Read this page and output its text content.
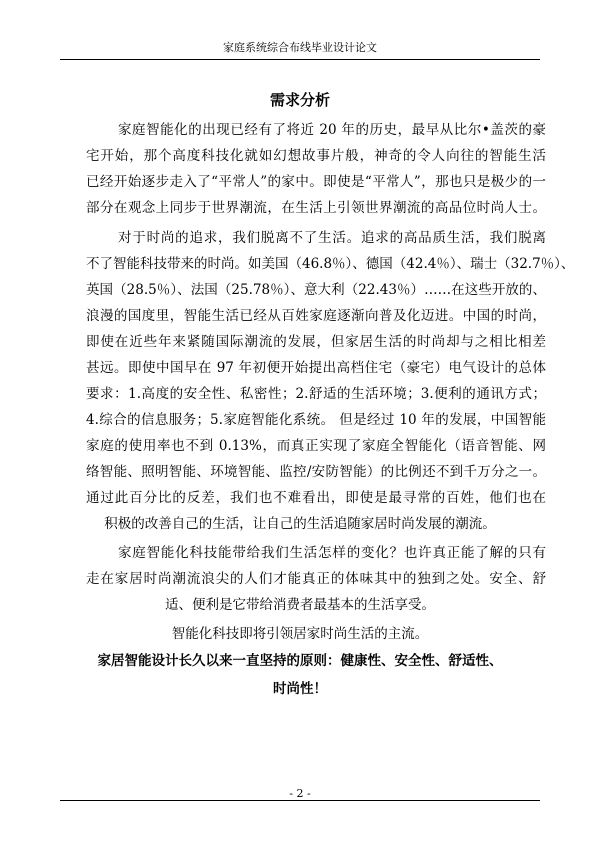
家庭系统综合布线毕业设计论文
需求分析
家庭智能化的出现已经有了将近 20 年的历史，最早从比尔•盖茨的豪
宅开始，那个高度科技化就如幻想故事片般，神奇的令人向往的智能生活
已经开始逐步走入了“平常人”的家中。即使是“平常人”，那也只是极少的一
部分在观念上同步于世界潮流，在生活上引领世界潮流的高品位时尚人士。
对于时尚的追求，我们脱离不了生活。追求的高品质生活，我们脱离
不了智能科技带来的时尚。如美国（46.8％）、德国（42.4％）、瑞士（32.7％）、
英国（28.5％）、法国（25.78％）、意大利（22.43％）……在这些开放的、
浪漫的国度里，智能生活已经从百姓家庭逐渐向普及化迈进。中国的时尚，
即使在近些年来紧随国际潮流的发展，但家居生活的时尚却与之相比相差
甚远。即使中国早在 97 年初便开始提出高档住宅（豪宅）电气设计的总体
要求：1.高度的安全性、私密性；2.舒适的生活环境；3.便利的通讯方式；
4.综合的信息服务；5.家庭智能化系统。 但是经过 10 年的发展，中国智能
家庭的使用率也不到 0.13%，而真正实现了家庭全智能化（语音智能、网
络智能、照明智能、环境智能、监控/安防智能）的比例还不到千万分之一。
通过此百分比的反差，我们也不难看出，即使是最寻常的百姓，他们也在
积极的改善自己的生活，让自己的生活追随家居时尚发展的潮流。
家庭智能化科技能带给我们生活怎样的变化？也许真正能了解的只有
走在家居时尚潮流浪尖的人们才能真正的体味其中的独到之处。安全、舒
适、便利是它带给消费者最基本的生活享受。
智能化科技即将引领居家时尚生活的主流。
家居智能设计长久以来一直坚持的原则：健康性、安全性、舒适性、
时尚性！
- 2 -
